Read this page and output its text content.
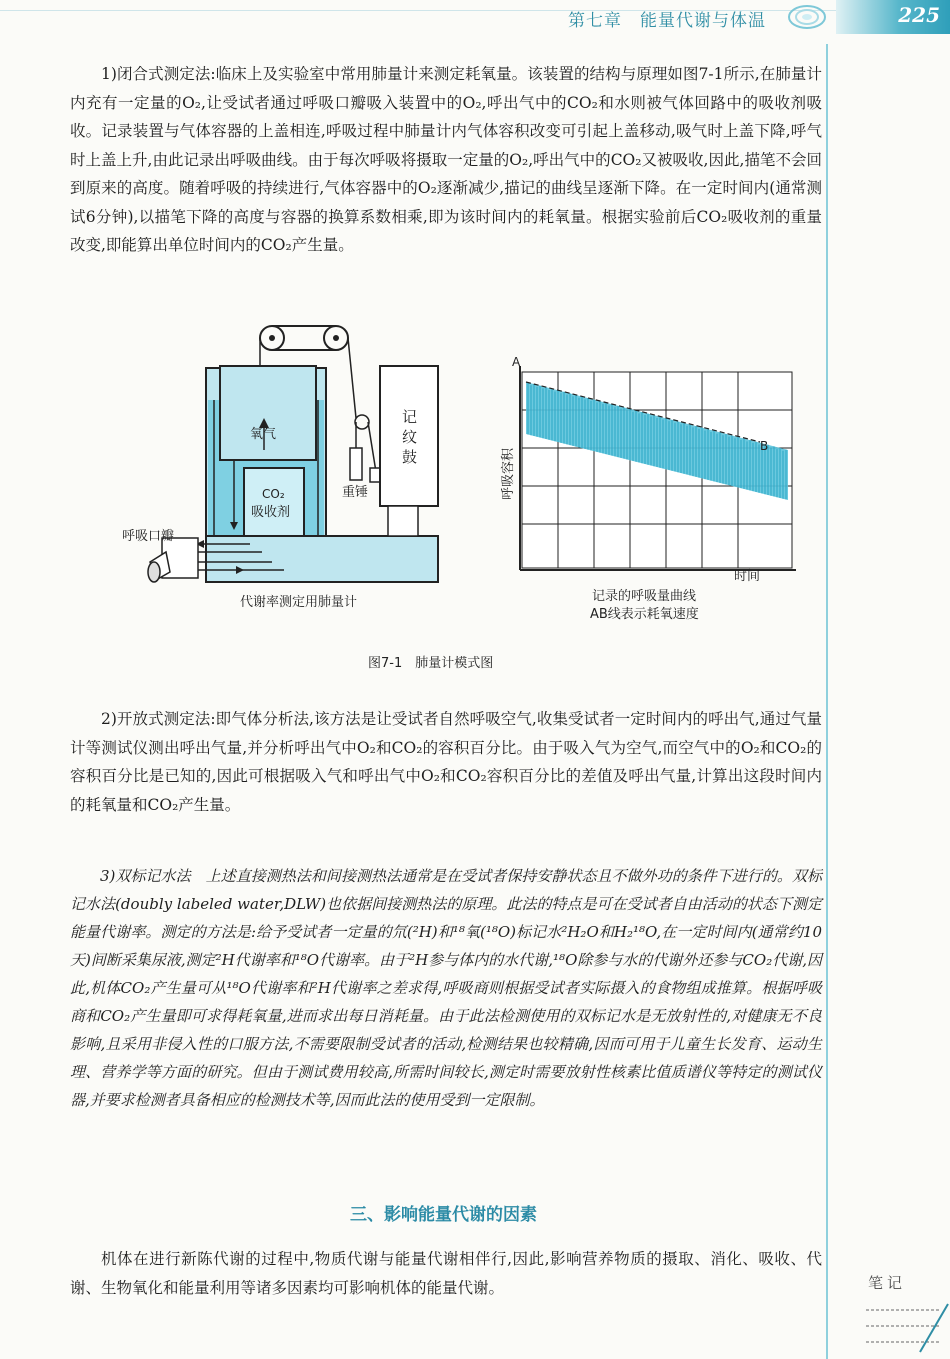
第七章　能量代谢与体温	225

1)闭合式测定法:临床上及实验室中常用肺量计来测定耗氧量。该装置的结构与原理如图7-1所示,在肺量计内充有一定量的O₂,让受试者通过呼吸口瓣吸入装置中的O₂,呼出气中的CO₂和水则被气体回路中的吸收剂吸收。记录装置与气体容器的上盖相连,呼吸过程中肺量计内气体容积改变可引起上盖移动,吸气时上盖下降,呼气时上盖上升,由此记录出呼吸曲线。由于每次呼吸将摄取一定量的O₂,呼出气中的CO₂又被吸收,因此,描笔不会回到原来的高度。随着呼吸的持续进行,气体容器中的O₂逐渐减少,描记的曲线呈逐渐下降。在一定时间内(通常测试6分钟),以描笔下降的高度与容器的换算系数相乘,即为该时间内的耗氧量。根据实验前后CO₂吸收剂的重量改变,即能算出单位时间内的CO₂产生量。

氧气
CO₂
吸收剂
记
纹
鼓
重锤
呼吸口瓣
代谢率测定用肺量计
A
B
呼吸容积
时间
记录的呼吸量曲线
AB线表示耗氧速度
图7-1　肺量计模式图

2)开放式测定法:即气体分析法,该方法是让受试者自然呼吸空气,收集受试者一定时间内的呼出气,通过气量计等测试仪测出呼出气量,并分析呼出气中O₂和CO₂的容积百分比。由于吸入气为空气,而空气中的O₂和CO₂的容积百分比是已知的,因此可根据吸入气和呼出气中O₂和CO₂容积百分比的差值及呼出气量,计算出这段时间内的耗氧量和CO₂产生量。

3)双标记水法　上述直接测热法和间接测热法通常是在受试者保持安静状态且不做外功的条件下进行的。双标记水法(doubly labeled water,DLW)也依据间接测热法的原理。此法的特点是可在受试者自由活动的状态下测定能量代谢率。测定的方法是:给予受试者一定量的氘(²H)和¹⁸氧(¹⁸O)标记水²H₂O和H₂¹⁸O,在一定时间内(通常约10天)间断采集尿液,测定²H代谢率和¹⁸O代谢率。由于²H参与体内的水代谢,¹⁸O除参与水的代谢外还参与CO₂代谢,因此,机体CO₂产生量可从¹⁸O代谢率和²H代谢率之差求得,呼吸商则根据受试者实际摄入的食物组成推算。根据呼吸商和CO₂产生量即可求得耗氧量,进而求出每日消耗量。由于此法检测使用的双标记水是无放射性的,对健康无不良影响,且采用非侵入性的口服方法,不需要限制受试者的活动,检测结果也较精确,因而可用于儿童生长发育、运动生理、营养学等方面的研究。但由于测试费用较高,所需时间较长,测定时需要放射性核素比值质谱仪等特定的测试仪器,并要求检测者具备相应的检测技术等,因而此法的使用受到一定限制。

三、影响能量代谢的因素

机体在进行新陈代谢的过程中,物质代谢与能量代谢相伴行,因此,影响营养物质的摄取、消化、吸收、代谢、生物氧化和能量利用等诸多因素均可影响机体的能量代谢。	笔记
